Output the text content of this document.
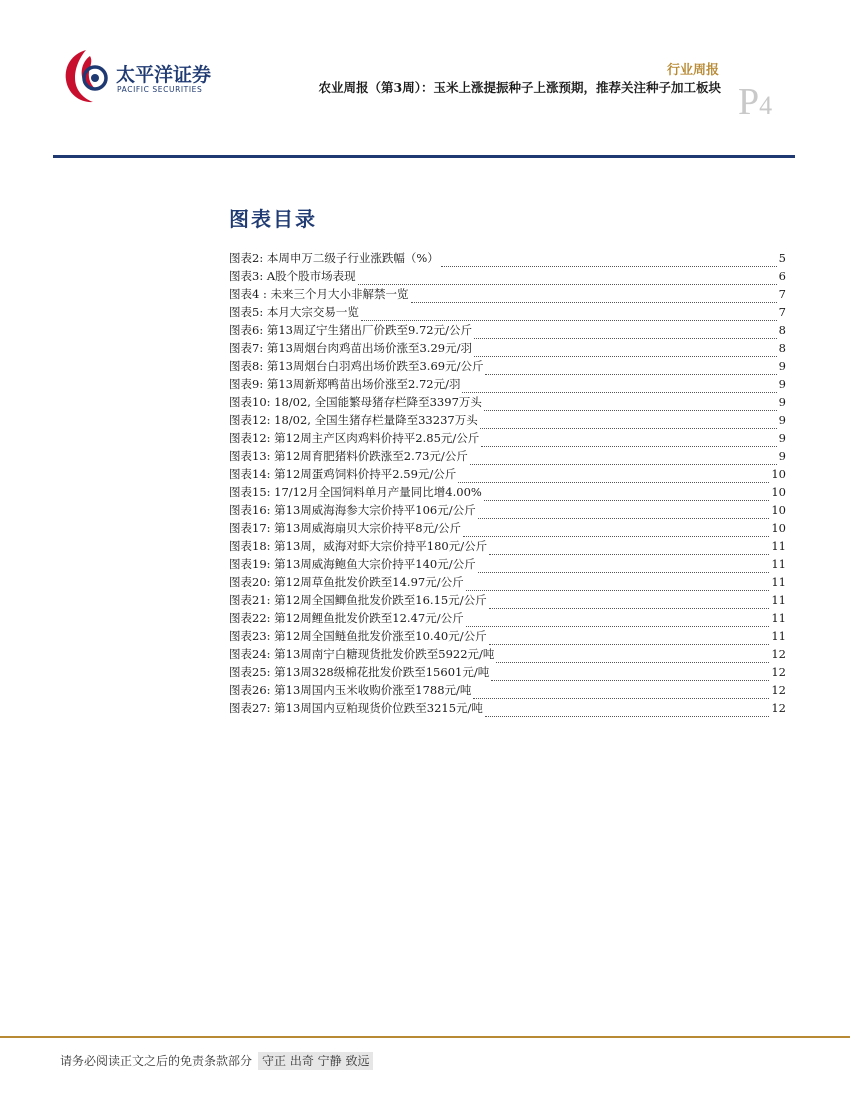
太平洋证券
PACIFIC SECURITIES
行业周报
农业周报（第3周）：玉米上涨提振种子上涨预期，推荐关注种子加工板块 P4
图表目录
图表2: 本周申万二级子行业涨跌幅（%）	5
图表3: A股个股市场表现	6
图表4 : 未来三个月大小非解禁一览	7
图表5: 本月大宗交易一览	7
图表6: 第13周辽宁生猪出厂价跌至9.72元/公斤	8
图表7: 第13周烟台肉鸡苗出场价涨至3.29元/羽	8
图表8: 第13周烟台白羽鸡出场价跌至3.69元/公斤	9
图表9: 第13周新郑鸭苗出场价涨至2.72元/羽	9
图表10: 18/02, 全国能繁母猪存栏降至3397万头	9
图表12: 18/02, 全国生猪存栏量降至33237万头	9
图表12: 第12周主产区肉鸡料价持平2.85元/公斤	9
图表13: 第12周育肥猪料价跌涨至2.73元/公斤	9
图表14: 第12周蛋鸡饲料价持平2.59元/公斤	10
图表15: 17/12月全国饲料单月产量同比增4.00%	10
图表16: 第13周威海海参大宗价持平106元/公斤	10
图表17: 第13周威海扇贝大宗价持平8元/公斤	10
图表18: 第13周，威海对虾大宗价持平180元/公斤	11
图表19: 第13周威海鲍鱼大宗价持平140元/公斤	11
图表20: 第12周草鱼批发价跌至14.97元/公斤	11
图表21: 第12周全国鲫鱼批发价跌至16.15元/公斤	11
图表22: 第12周鲤鱼批发价跌至12.47元/公斤	11
图表23: 第12周全国鲢鱼批发价涨至10.40元/公斤	11
图表24: 第13周南宁白糖现货批发价跌至5922元/吨	12
图表25: 第13周328级棉花批发价跌至15601元/吨	12
图表26: 第13周国内玉米收购价涨至1788元/吨	12
图表27: 第13周国内豆粕现货价位跌至3215元/吨	12
请务必阅读正文之后的免责条款部分 守正 出奇 宁静 致远
